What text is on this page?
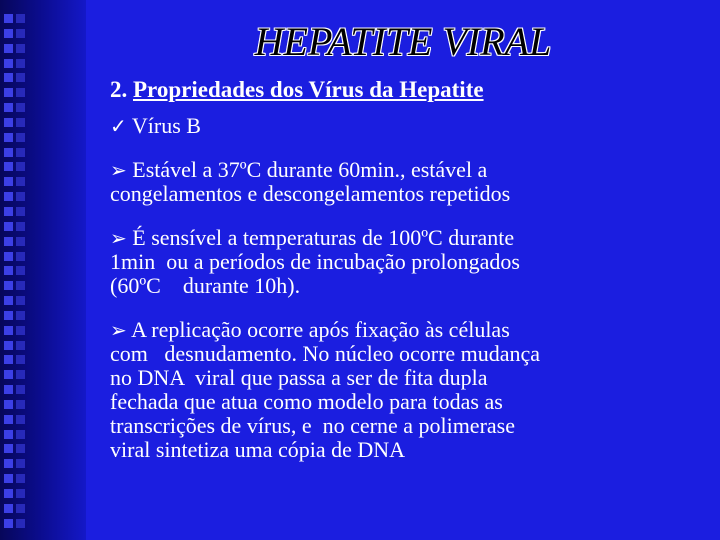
HEPATITE VIRAL
2. Propriedades dos Vírus da Hepatite
✓ Vírus B
➢ Estável a 37ºC durante 60min., estável a
congelamentos e descongelamentos repetidos
➢ É sensível a temperaturas de 100ºC durante
1min  ou a períodos de incubação prolongados
(60ºC    durante 10h).
➢ A replicação ocorre após fixação às células
com   desnudamento. No núcleo ocorre mudança
no DNA  viral que passa a ser de fita dupla
fechada que atua como modelo para todas as
transcrições de vírus, e  no cerne a polimerase
viral sintetiza uma cópia de DNA
